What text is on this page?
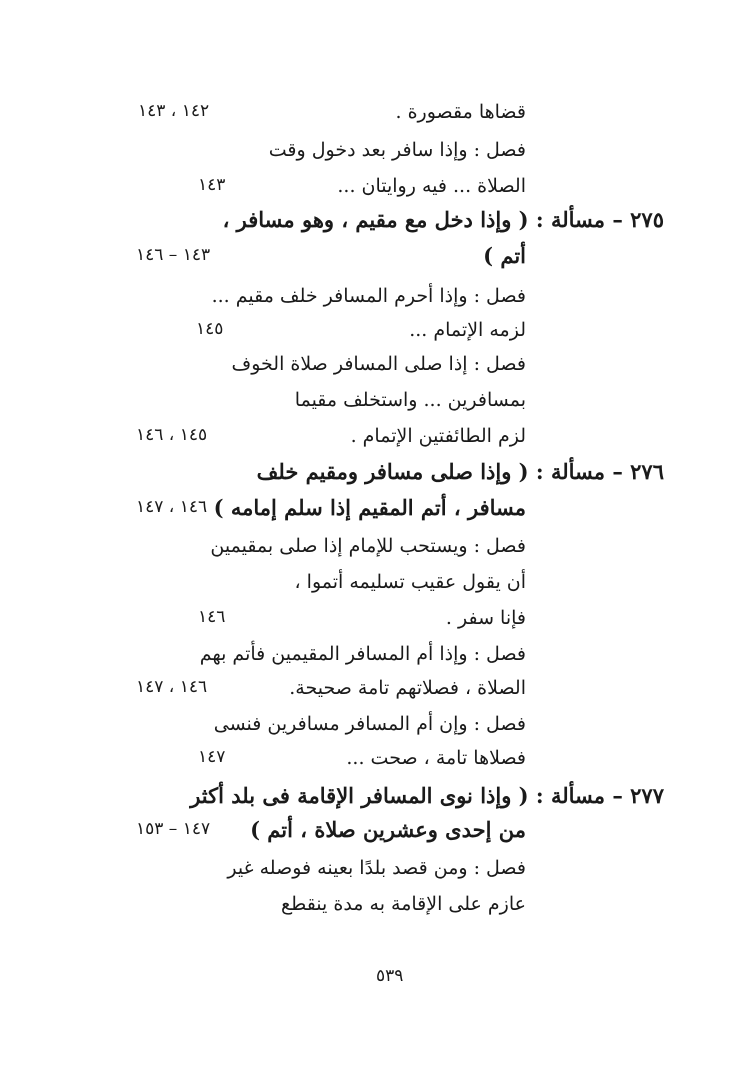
قضاها مقصورة .
١٤٢ ، ١٤٣
فصل : وإذا سافر بعد دخول وقت
الصلاة ... فيه روايتان ...
١٤٣
٢٧٥ – مسألة : ( وإذا دخل مع مقيم ، وهو مسافر ،
أتم )
١٤٣ – ١٤٦
فصل : وإذا أحرم المسافر خلف مقيم ...
لزمه الإتمام ...
١٤٥
فصل : إذا صلى المسافر صلاة الخوف
بمسافرين ... واستخلف مقيما
لزم الطائفتين الإتمام .
١٤٥ ، ١٤٦
٢٧٦ – مسألة : ( وإذا صلى مسافر ومقيم خلف
مسافر ، أتم المقيم إذا سلم إمامه )
١٤٦ ، ١٤٧
فصل : ويستحب للإمام إذا صلى بمقيمين
أن يقول عقيب تسليمه أتموا ،
فإنا سفر .
١٤٦
فصل : وإذا أم المسافر المقيمين فأتم بهم
الصلاة ، فصلاتهم تامة صحيحة.
١٤٦ ، ١٤٧
فصل : وإن أم المسافر مسافرين فنسى
فصلاها تامة ، صحت ...
١٤٧
٢٧٧ – مسألة : ( وإذا نوى المسافر الإقامة فى بلد أكثر
من إحدى وعشرين صلاة ، أتم )
١٤٧ – ١٥٣
فصل : ومن قصد بلدًا بعينه فوصله غير
عازم على الإقامة به مدة ينقطع
٥٣٩
